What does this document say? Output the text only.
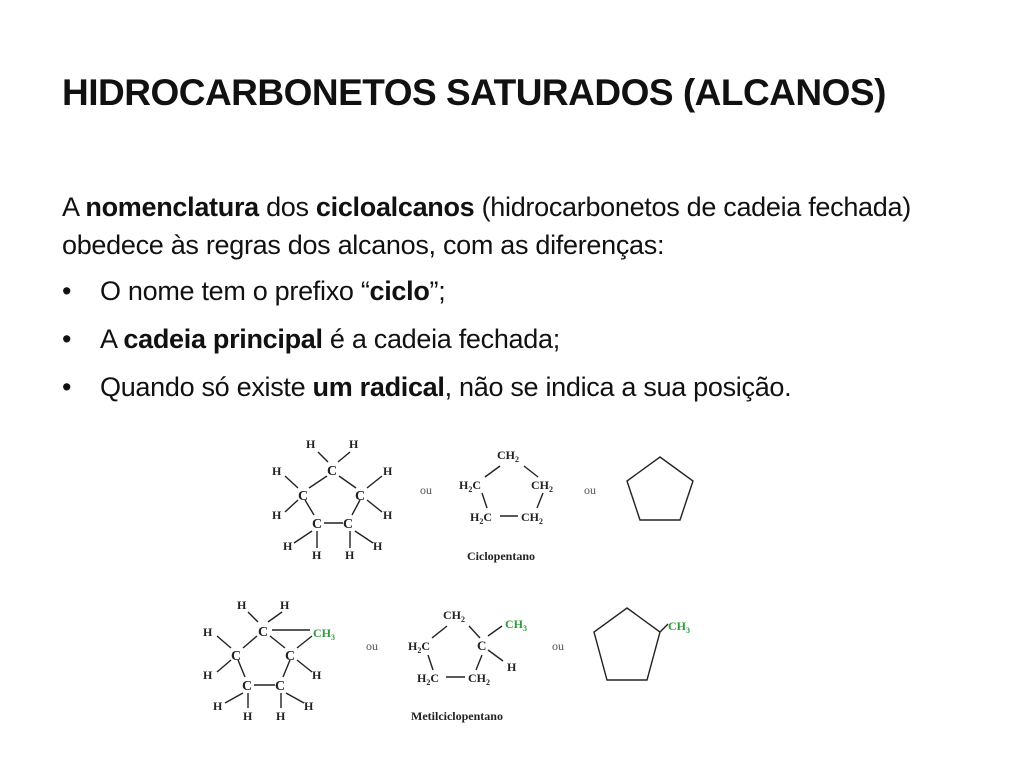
HIDROCARBONETOS SATURADOS (ALCANOS)

A nomenclatura dos cicloalcanos (hidrocarbonetos de cadeia fechada) obedece às regras dos alcanos, com as diferenças:

• O nome tem o prefixo “ciclo”;
• A cadeia principal é a cadeia fechada;
• Quando só existe um radical, não se indica a sua posição.
C
C	C
C C
H	H
H	H
H	H
H
H H
H
ou
$CH_2$
$H_2C$	$CH_2$
$H_2C$ $CH_2$
Ciclopentano
ou
C
C	C
C C
H	H
H	$CH_3$
H
H
H
H H
H
ou
$CH_2$
$H_2C$	C
$CH_3$
H
$H_2C$ $CH_2$
Metilciclopentano
ou
$CH_3$
